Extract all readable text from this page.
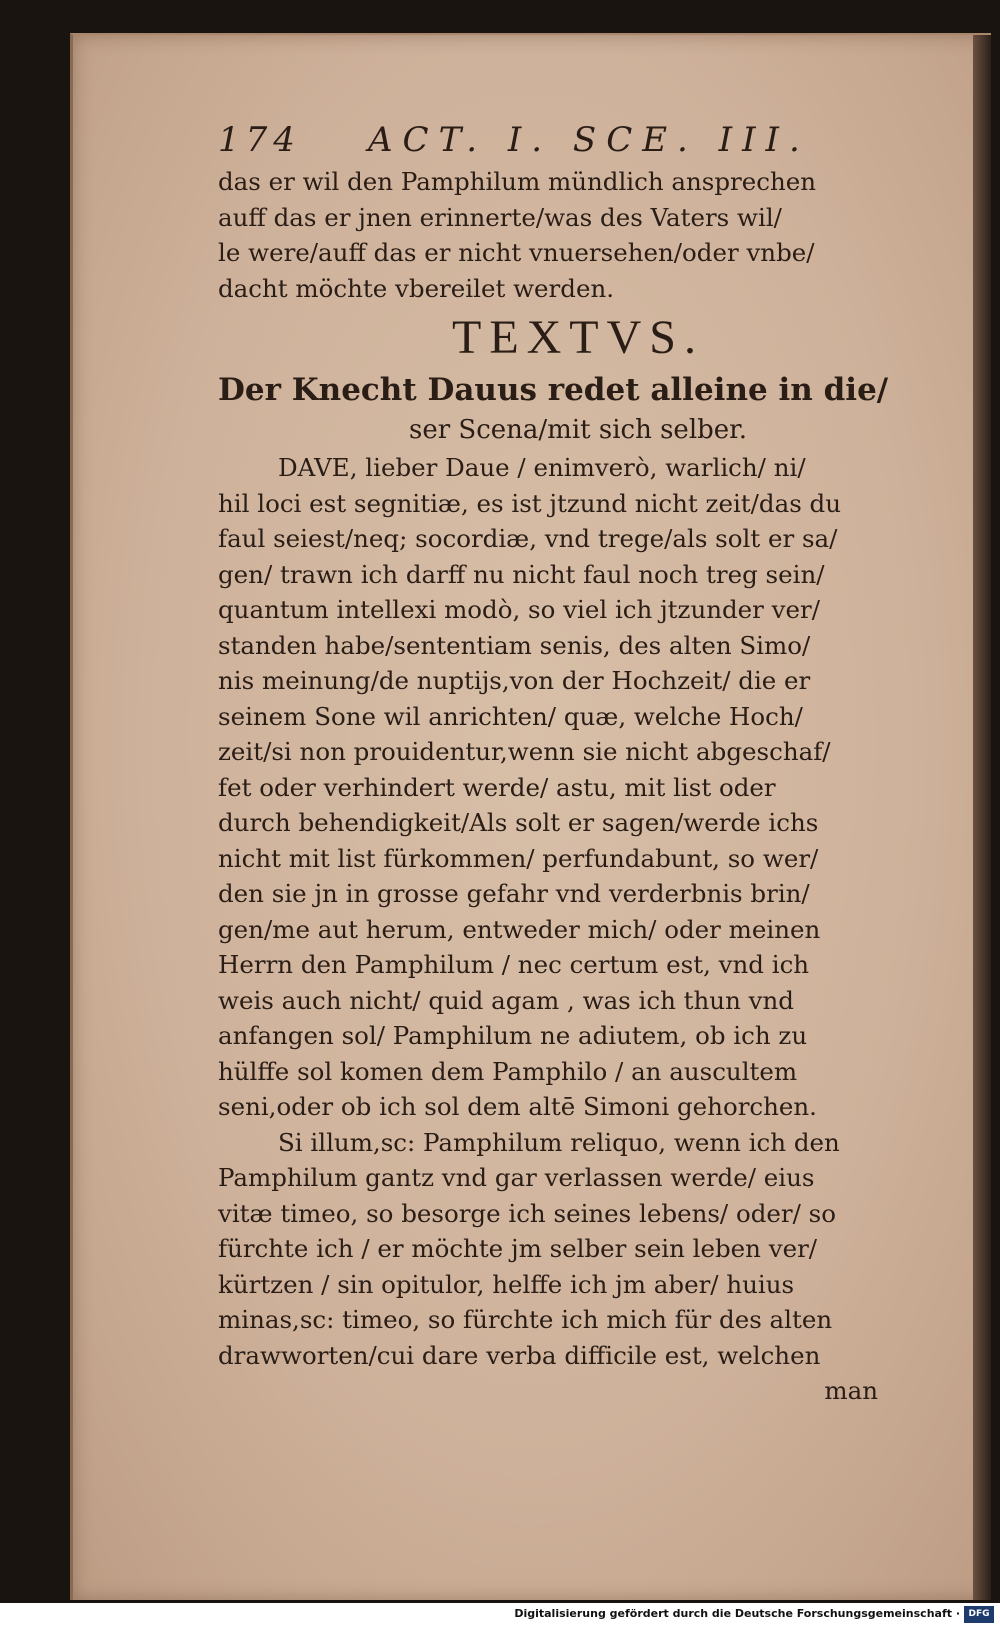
174	ACT. I. SCE. III.
das er wil den Pamphilum mündlich ansprechen
auff das er jnen erinnerte/was des Vaters wil/
le were/auff das er nicht vnuersehen/oder vnbe/
dacht möchte vbereilet werden.
TEXTVS.
Der Knecht Dauus redet alleine in die/
ser Scena/mit sich selber.
DAVE, lieber Daue / enimverò, warlich/ ni/
hil loci est segnitiæ, es ist jtzund nicht zeit/das du
faul seiest/neq; socordiæ, vnd trege/als solt er sa/
gen/ trawn ich darff nu nicht faul noch treg sein/
quantum intellexi modò, so viel ich jtzunder ver/
standen habe/sententiam senis, des alten Simo/
nis meinung/de nuptijs,von der Hochzeit/ die er
seinem Sone wil anrichten/ quæ, welche Hoch/
zeit/si non prouidentur,wenn sie nicht abgeschaf/
fet oder verhindert werde/ astu, mit list oder
durch behendigkeit/Als solt er sagen/werde ichs
nicht mit list fürkommen/ perfundabunt, so wer/
den sie jn in grosse gefahr vnd verderbnis brin/
gen/me aut herum, entweder mich/ oder meinen
Herrn den Pamphilum / nec certum est, vnd ich
weis auch nicht/ quid agam , was ich thun vnd
anfangen sol/ Pamphilum ne adiutem, ob ich zu
hülffe sol komen dem Pamphilo / an auscultem
seni,oder ob ich sol dem altē Simoni gehorchen.
Si illum,sc: Pamphilum reliquo, wenn ich den
Pamphilum gantz vnd gar verlassen werde/ eius
vitæ timeo, so besorge ich seines lebens/ oder/ so
fürchte ich / er möchte jm selber sein leben ver/
kürtzen / sin opitulor, helffe ich jm aber/ huius
minas,sc: timeo, so fürchte ich mich für des alten
drawworten/cui dare verba difficile est, welchen
man
Digitalisierung gefördert durch die Deutsche Forschungsgemeinschaft · DFG
